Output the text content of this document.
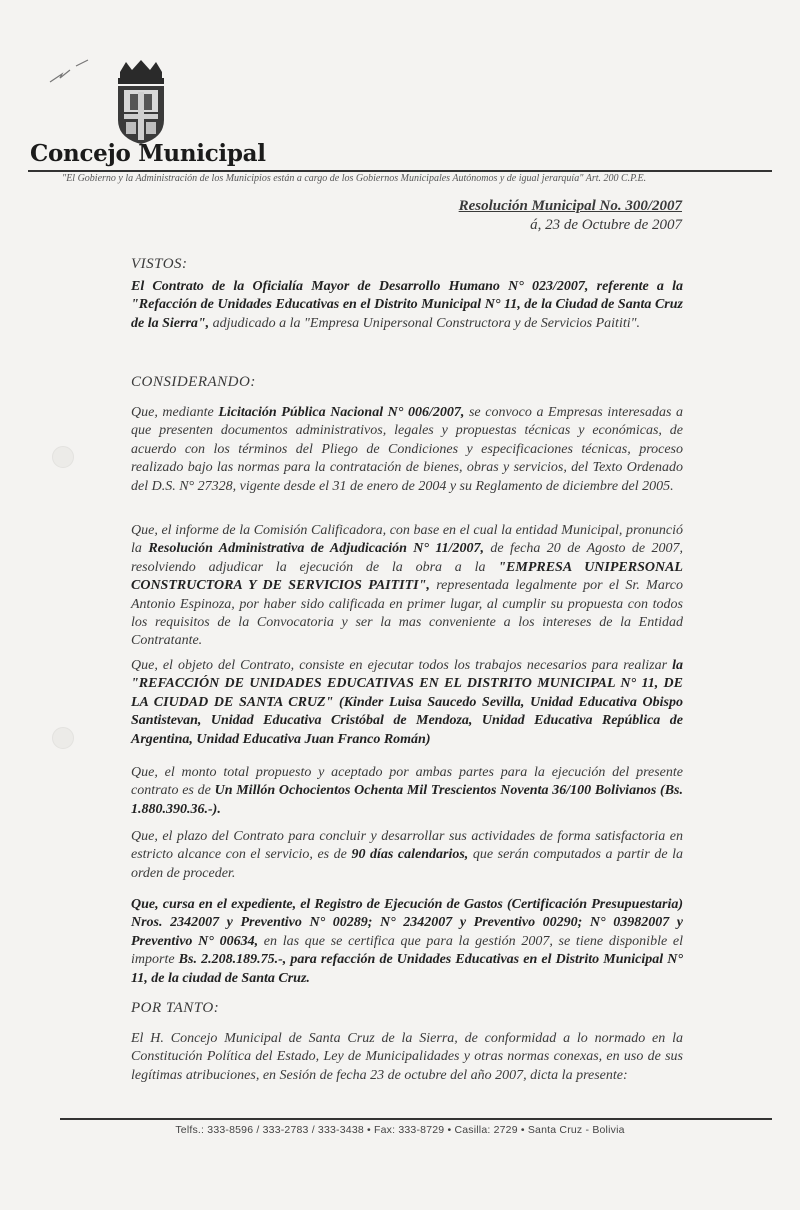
Concejo Municipal
"El Gobierno y la Administración de los Municipios están a cargo de los Gobiernos Municipales Autónomos y de igual jerarquía" Art. 200 C.P.E.
Resolución Municipal No. 300/2007
á, 23 de Octubre de 2007
VISTOS:

El Contrato de la Oficialía Mayor de Desarrollo Humano N° 023/2007, referente a la "Refacción de Unidades Educativas en el Distrito Municipal N° 11, de la Ciudad de Santa Cruz de la Sierra", adjudicado a la "Empresa Unipersonal Constructora y de Servicios Paititi".

CONSIDERANDO:

Que, mediante Licitación Pública Nacional N° 006/2007, se convoco a Empresas interesadas a que presenten documentos administrativos, legales y propuestas técnicas y económicas, de acuerdo con los términos del Pliego de Condiciones y especificaciones técnicas, proceso realizado bajo las normas para la contratación de bienes, obras y servicios, del Texto Ordenado del D.S. N° 27328, vigente desde el 31 de enero de 2004 y su Reglamento de diciembre del 2005.

Que, el informe de la Comisión Calificadora, con base en el cual la entidad Municipal, pronunció la Resolución Administrativa de Adjudicación N° 11/2007, de fecha 20 de Agosto de 2007, resolviendo adjudicar la ejecución de la obra a la "EMPRESA UNIPERSONAL CONSTRUCTORA Y DE SERVICIOS PAITITI", representada legalmente por el Sr. Marco Antonio Espinoza, por haber sido calificada en primer lugar, al cumplir su propuesta con todos los requisitos de la Convocatoria y ser la mas conveniente a los intereses de la Entidad Contratante.

Que, el objeto del Contrato, consiste en ejecutar todos los trabajos necesarios para realizar la "REFACCIÓN DE UNIDADES EDUCATIVAS EN EL DISTRITO MUNICIPAL N° 11, DE LA CIUDAD DE SANTA CRUZ" (Kinder Luisa Saucedo Sevilla, Unidad Educativa Obispo Santistevan, Unidad Educativa Cristóbal de Mendoza, Unidad Educativa República de Argentina, Unidad Educativa Juan Franco Román)

Que, el monto total propuesto y aceptado por ambas partes para la ejecución del presente contrato es de Un Millón Ochocientos Ochenta Mil Trescientos Noventa 36/100 Bolivianos (Bs. 1.880.390.36.-).

Que, el plazo del Contrato para concluir y desarrollar sus actividades de forma satisfactoria en estricto alcance con el servicio, es de 90 días calendarios, que serán computados a partir de la orden de proceder.

Que, cursa en el expediente, el Registro de Ejecución de Gastos (Certificación Presupuestaria) Nros. 2342007 y Preventivo N° 00289; N° 2342007 y Preventivo 00290; N° 03982007 y Preventivo N° 00634, en las que se certifica que para la gestión 2007, se tiene disponible el importe Bs. 2.208.189.75.-, para refacción de Unidades Educativas en el Distrito Municipal N° 11, de la ciudad de Santa Cruz.

POR TANTO:

El H. Concejo Municipal de Santa Cruz de la Sierra, de conformidad a lo normado en la Constitución Política del Estado, Ley de Municipalidades y otras normas conexas, en uso de sus legítimas atribuciones, en Sesión de fecha 23 de octubre del año 2007, dicta la presente:

Telfs.: 333-8596 / 333-2783 / 333-3438 • Fax: 333-8729 • Casilla: 2729 • Santa Cruz - Bolivia
